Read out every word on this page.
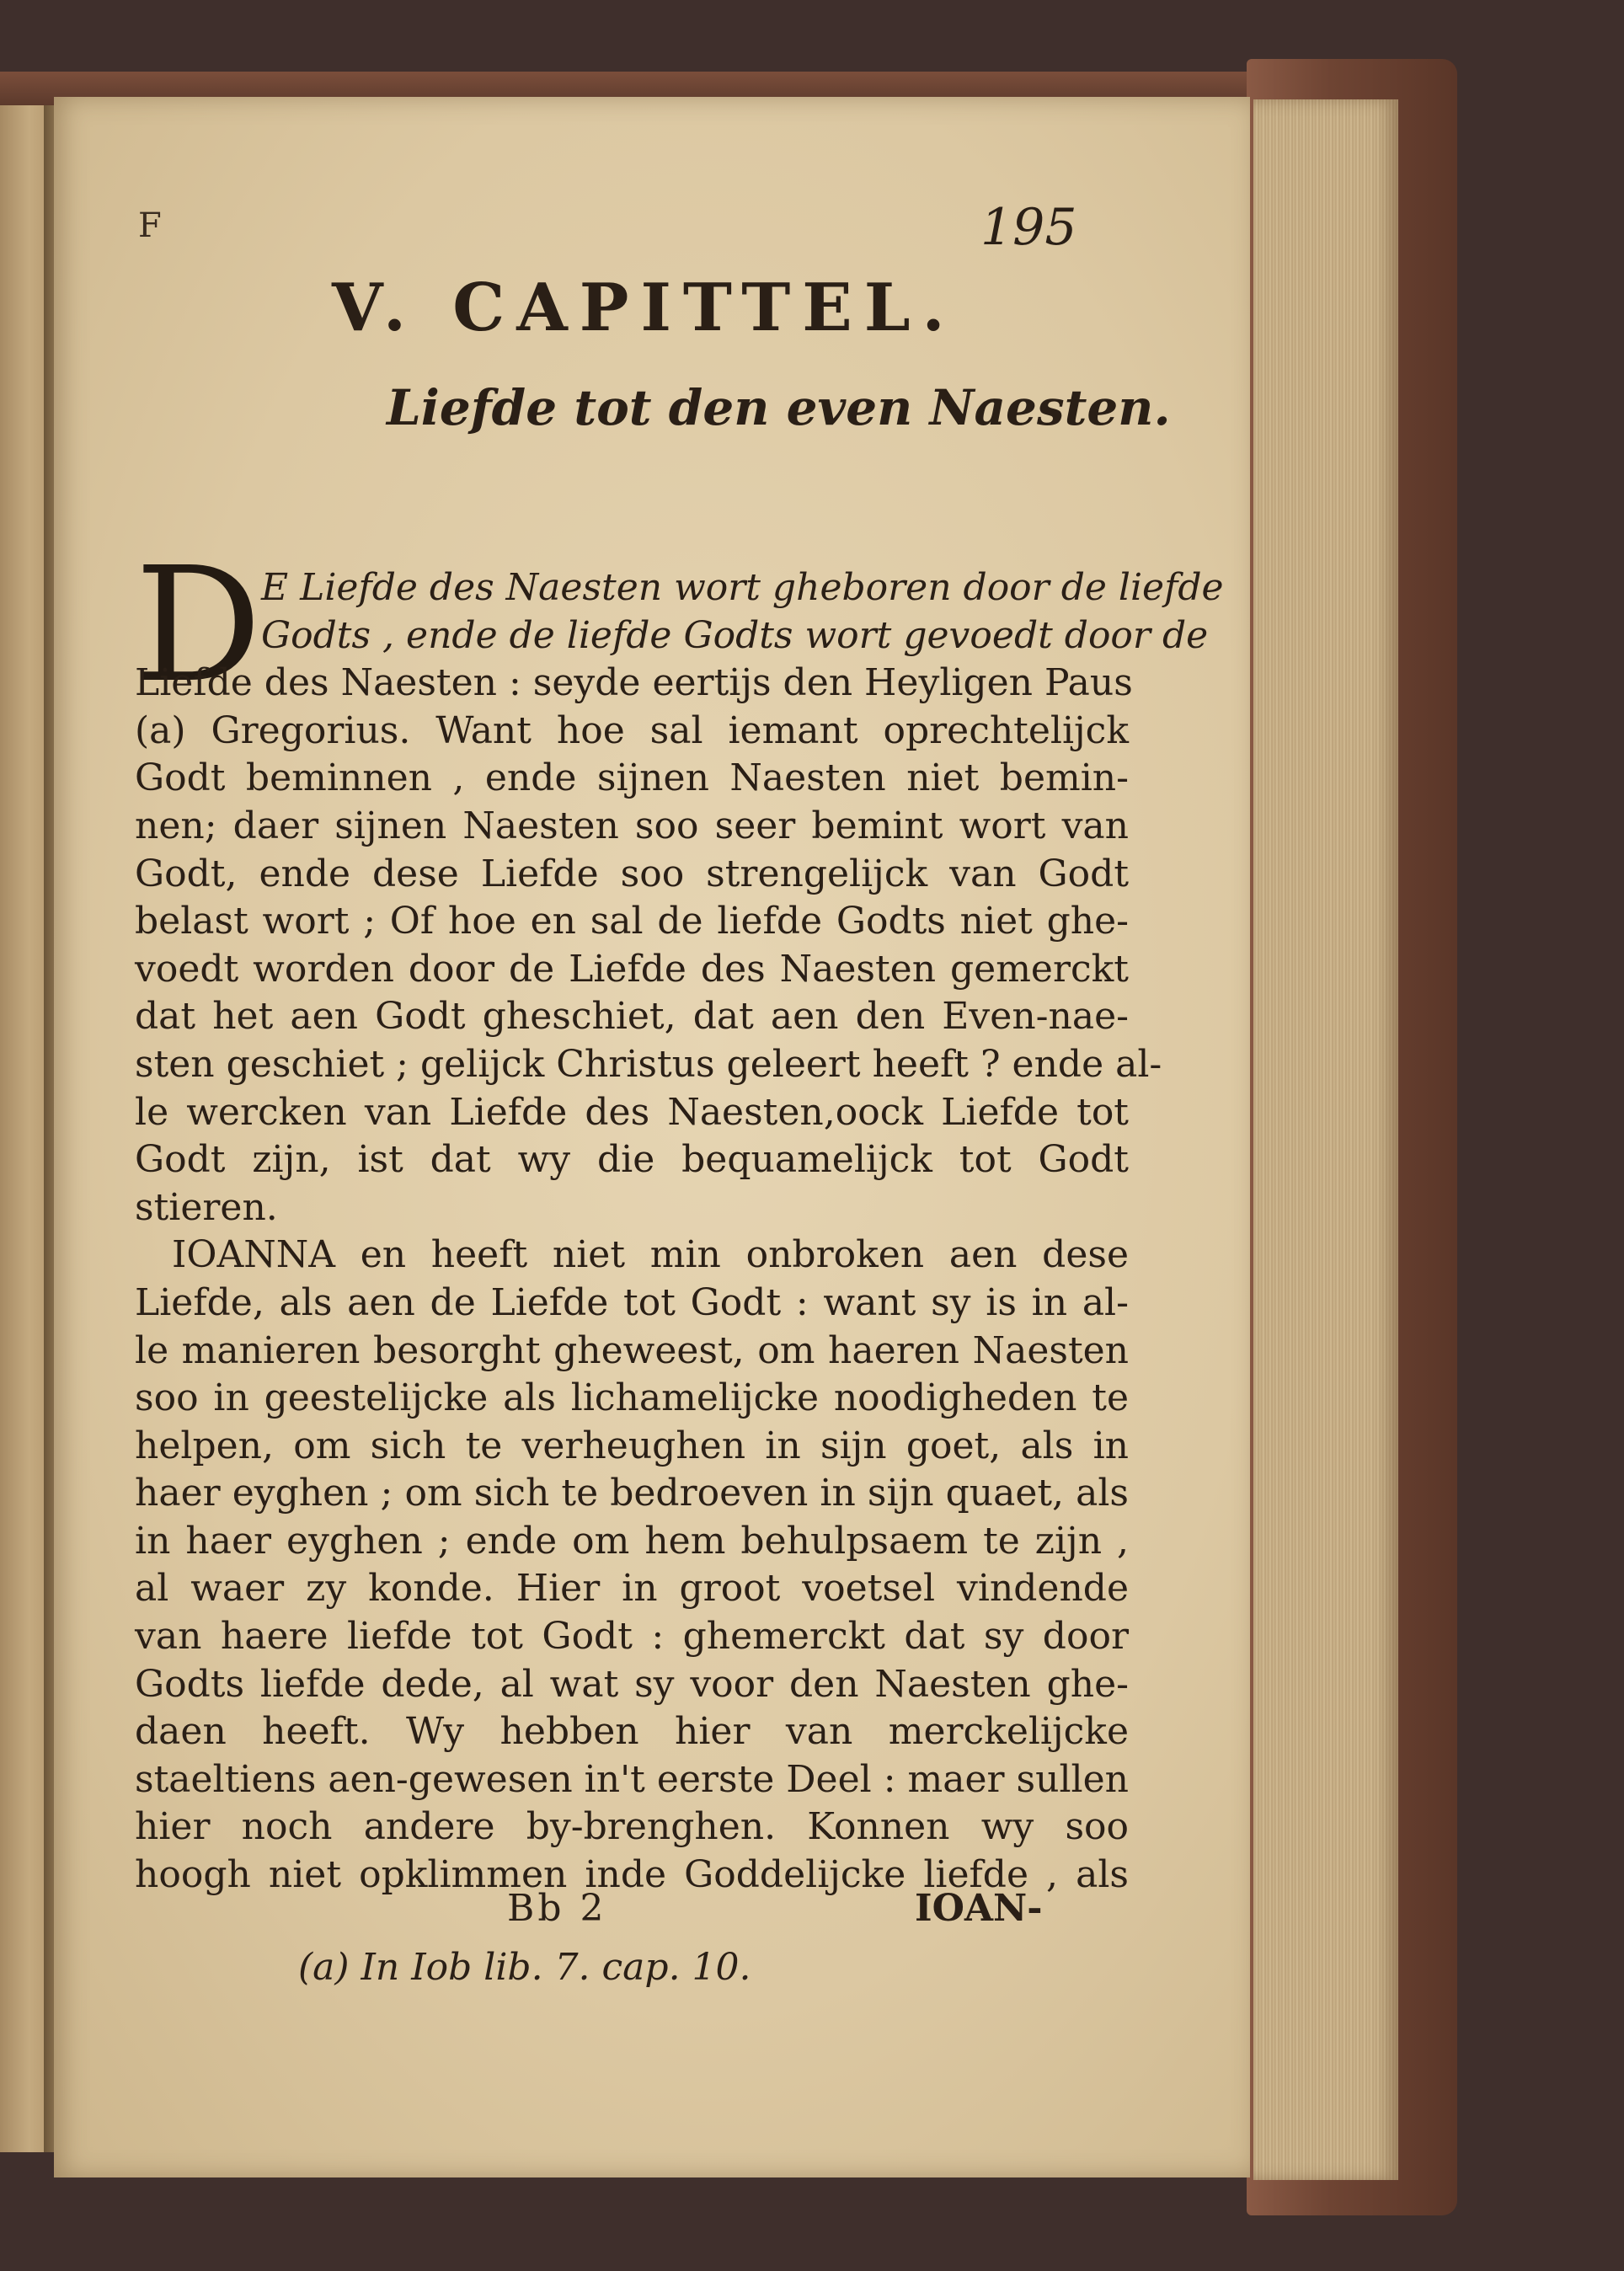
F	195
V. CAPITTEL.
Liefde tot den even Naesten.
D E Liefde des Naesten wort gheboren door de liefde
Godts , ende de liefde Godts wort gevoedt door de
Liefde des Naesten : seyde eertijs den Heyligen Paus
(a) Gregorius. Want hoe sal iemant oprechtelijck
Godt beminnen , ende sijnen Naesten niet bemin-
nen; daer sijnen Naesten soo seer bemint wort van
Godt, ende dese Liefde soo strengelijck van Godt
belast wort ; Of hoe en sal de liefde Godts niet ghe-
voedt worden door de Liefde des Naesten gemerckt
dat het aen Godt gheschiet, dat aen den Even-nae-
sten geschiet ; gelijck Christus geleert heeft ? ende al-
le wercken van Liefde des Naesten,oock Liefde tot
Godt zijn, ist dat wy die bequamelijck tot Godt
stieren.
IOANNA en heeft niet min onbroken aen dese
Liefde, als aen de Liefde tot Godt : want sy is in al-
le manieren besorght gheweest, om haeren Naesten
soo in geestelijcke als lichamelijcke noodigheden te
helpen, om sich te verheughen in sijn goet, als in
haer eyghen ; om sich te bedroeven in sijn quaet, als
in haer eyghen ; ende om hem behulpsaem te zijn ,
al waer zy konde. Hier in groot voetsel vindende
van haere liefde tot Godt : ghemerckt dat sy door
Godts liefde dede, al wat sy voor den Naesten ghe-
daen heeft. Wy hebben hier van merckelijcke
staeltiens aen-gewesen in't eerste Deel : maer sullen
hier noch andere by-brenghen. Konnen wy soo
hoogh niet opklimmen inde Goddelijcke liefde , als
Bb 2	IOAN-
(a) In Iob lib. 7. cap. 10.
